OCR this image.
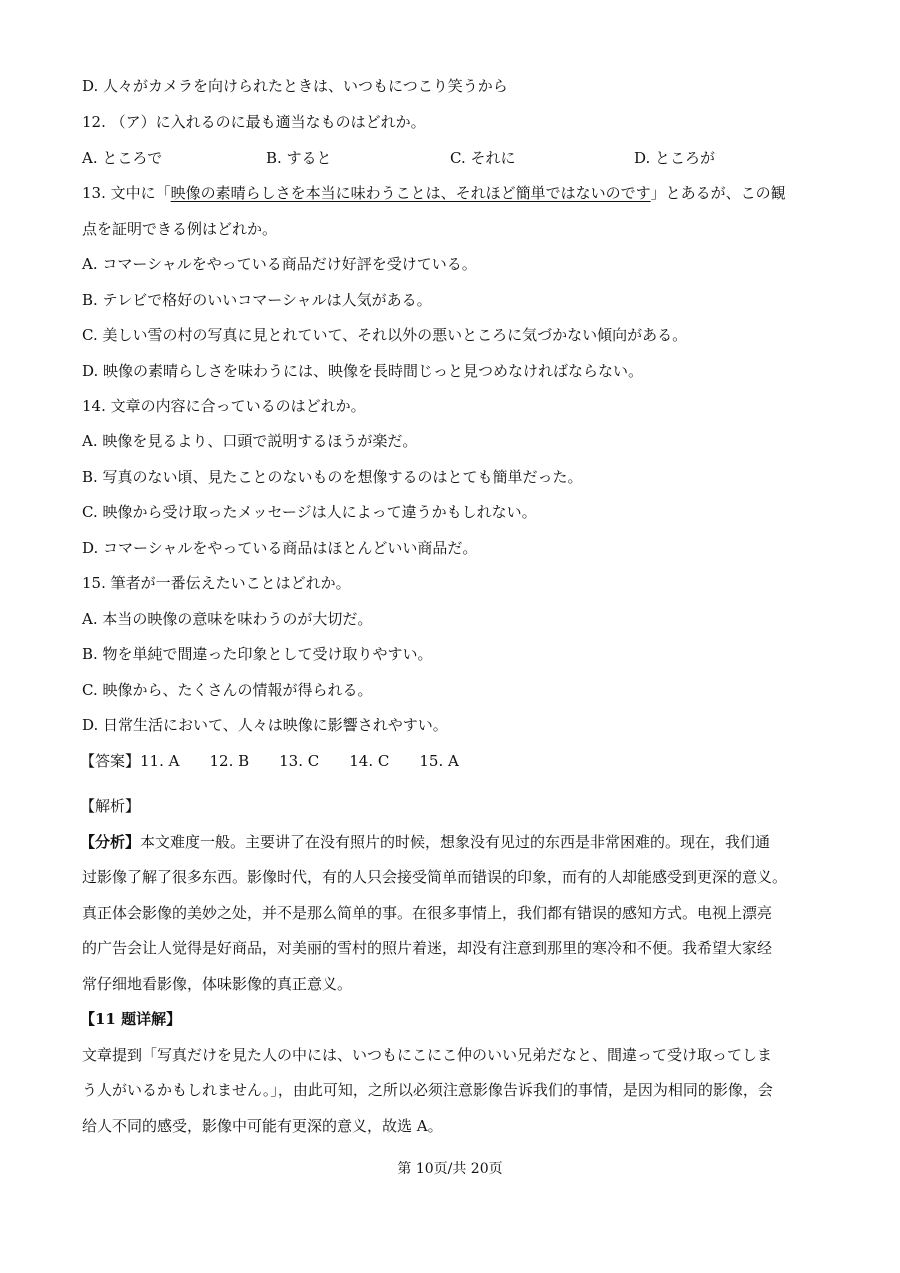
D. 人々がカメラを向けられたときは、いつもにつこり笑うから
12. （ア）に入れるのに最も適当なものはどれか。
A. ところで	B. すると	C. それに	D. ところが
13. 文中に「映像の素晴らしさを本当に味わうことは、それほど簡単ではないのです」とあるが、この観
点を証明できる例はどれか。
A. コマーシャルをやっている商品だけ好評を受けている。
B. テレビで格好のいいコマーシャルは人気がある。
C. 美しい雪の村の写真に見とれていて、それ以外の悪いところに気づかない傾向がある。
D. 映像の素晴らしさを味わうには、映像を長時間じっと見つめなければならない。
14. 文章の内容に合っているのはどれか。
A. 映像を見るより、口頭で説明するほうが楽だ。
B. 写真のない頃、見たことのないものを想像するのはとても簡単だった。
C. 映像から受け取ったメッセージは人によって違うかもしれない。
D. コマーシャルをやっている商品はほとんどいい商品だ。
15. 筆者が一番伝えたいことはどれか。
A. 本当の映像の意味を味わうのが大切だ。
B. 物を単純で間違った印象として受け取りやすい。
C. 映像から、たくさんの情報が得られる。
D. 日常生活において、人々は映像に影響されやすい。
【答案】11. A 12. B 13. C 14. C 15. A
【解析】
【分析】本文难度一般。主要讲了在没有照片的时候，想象没有见过的东西是非常困难的。现在，我们通
过影像了解了很多东西。影像时代，有的人只会接受简单而错误的印象，而有的人却能感受到更深的意义。
真正体会影像的美妙之处，并不是那么简单的事。在很多事情上，我们都有错误的感知方式。电视上漂亮
的广告会让人觉得是好商品，对美丽的雪村的照片着迷，却没有注意到那里的寒冷和不便。我希望大家经
常仔细地看影像，体味影像的真正意义。
【11 题详解】
文章提到「写真だけを見た人の中には、いつもにこにこ仲のいい兄弟だなと、間違って受け取ってしま
う人がいるかもしれません。」，由此可知，之所以必须注意影像告诉我们的事情，是因为相同的影像，会
给人不同的感受，影像中可能有更深的意义，故选 A。
第 10页/共 20页
